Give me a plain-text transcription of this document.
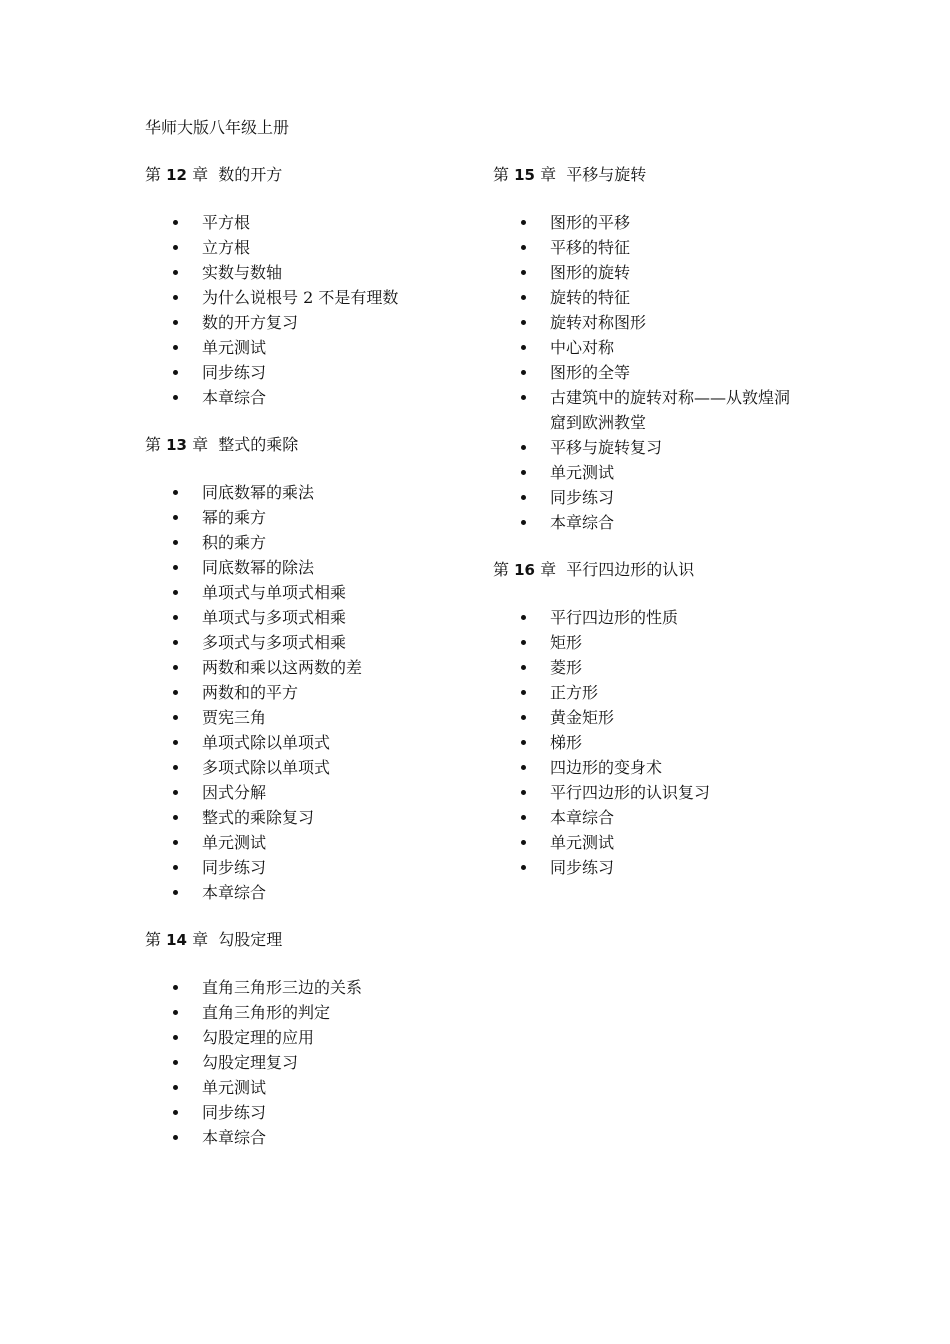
华师大版八年级上册
第 12 章 数的开方
平方根
立方根
实数与数轴
为什么说根号 2 不是有理数
数的开方复习
单元测试
同步练习
本章综合
第 13 章 整式的乘除
同底数幂的乘法
幂的乘方
积的乘方
同底数幂的除法
单项式与单项式相乘
单项式与多项式相乘
多项式与多项式相乘
两数和乘以这两数的差
两数和的平方
贾宪三角
单项式除以单项式
多项式除以单项式
因式分解
整式的乘除复习
单元测试
同步练习
本章综合
第 14 章 勾股定理
直角三角形三边的关系
直角三角形的判定
勾股定理的应用
勾股定理复习
单元测试
同步练习
本章综合
第 15 章 平移与旋转
图形的平移
平移的特征
图形的旋转
旋转的特征
旋转对称图形
中心对称
图形的全等
古建筑中的旋转对称——从敦煌洞窟到欧洲教堂
平移与旋转复习
单元测试
同步练习
本章综合
第 16 章 平行四边形的认识
平行四边形的性质
矩形
菱形
正方形
黄金矩形
梯形
四边形的变身术
平行四边形的认识复习
本章综合
单元测试
同步练习
